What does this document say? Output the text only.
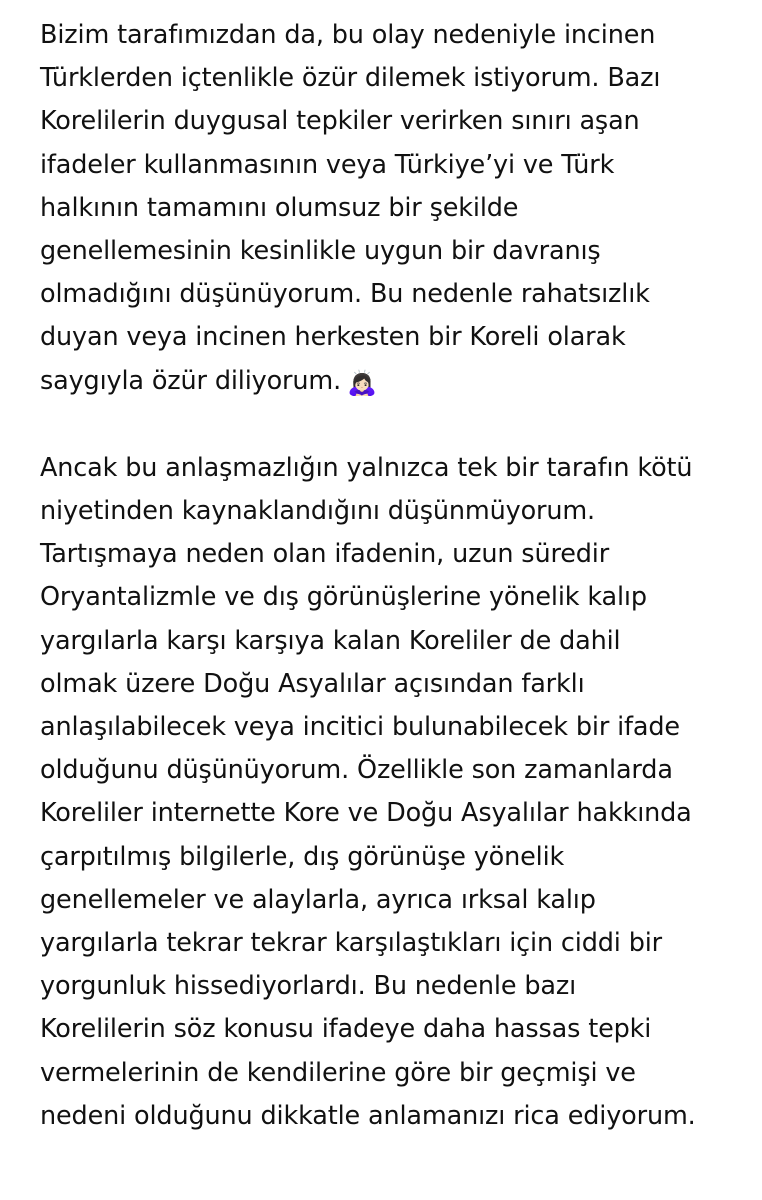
Bizim tarafımızdan da, bu olay nedeniyle incinen
Türklerden içtenlikle özür dilemek istiyorum. Bazı
Korelilerin duygusal tepkiler verirken sınırı aşan
ifadeler kullanmasının veya Türkiye’yi ve Türk
halkının tamamını olumsuz bir şekilde
genellemesinin kesinlikle uygun bir davranış
olmadığını düşünüyorum. Bu nedenle rahatsızlık
duyan veya incinen herkesten bir Koreli olarak
saygıyla özür diliyorum. 🙇🏻‍♀️
Ancak bu anlaşmazlığın yalnızca tek bir tarafın kötü
niyetinden kaynaklandığını düşünmüyorum.
Tartışmaya neden olan ifadenin, uzun süredir
Oryantalizmle ve dış görünüşlerine yönelik kalıp
yargılarla karşı karşıya kalan Koreliler de dahil
olmak üzere Doğu Asyalılar açısından farklı
anlaşılabilecek veya incitici bulunabilecek bir ifade
olduğunu düşünüyorum. Özellikle son zamanlarda
Koreliler internette Kore ve Doğu Asyalılar hakkında
çarpıtılmış bilgilerle, dış görünüşe yönelik
genellemeler ve alaylarla, ayrıca ırksal kalıp
yargılarla tekrar tekrar karşılaştıkları için ciddi bir
yorgunluk hissediyorlardı. Bu nedenle bazı
Korelilerin söz konusu ifadeye daha hassas tepki
vermelerinin de kendilerine göre bir geçmişi ve
nedeni olduğunu dikkatle anlamanızı rica ediyorum.
